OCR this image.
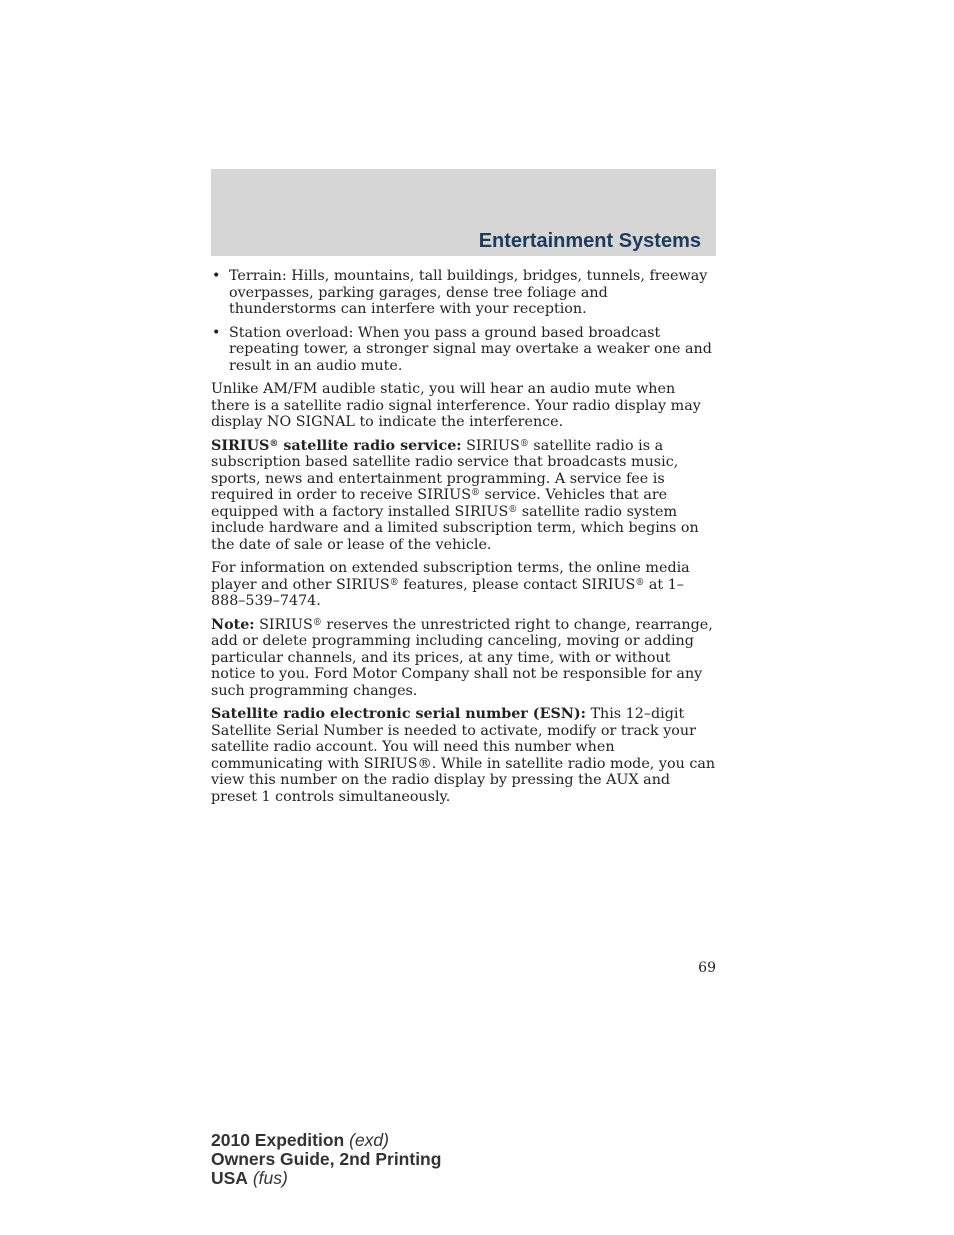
Entertainment Systems
• Terrain: Hills, mountains, tall buildings, bridges, tunnels, freeway overpasses, parking garages, dense tree foliage and thunderstorms can interfere with your reception.
• Station overload: When you pass a ground based broadcast repeating tower, a stronger signal may overtake a weaker one and result in an audio mute.

Unlike AM/FM audible static, you will hear an audio mute when there is a satellite radio signal interference. Your radio display may display NO SIGNAL to indicate the interference.

SIRIUS® satellite radio service: SIRIUS® satellite radio is a subscription based satellite radio service that broadcasts music, sports, news and entertainment programming. A service fee is required in order to receive SIRIUS® service. Vehicles that are equipped with a factory installed SIRIUS® satellite radio system include hardware and a limited subscription term, which begins on the date of sale or lease of the vehicle.

For information on extended subscription terms, the online media player and other SIRIUS® features, please contact SIRIUS® at 1–888–539–7474.

Note: SIRIUS® reserves the unrestricted right to change, rearrange, add or delete programming including canceling, moving or adding particular channels, and its prices, at any time, with or without notice to you. Ford Motor Company shall not be responsible for any such programming changes.

Satellite radio electronic serial number (ESN): This 12–digit Satellite Serial Number is needed to activate, modify or track your satellite radio account. You will need this number when communicating with SIRIUS®. While in satellite radio mode, you can view this number on the radio display by pressing the AUX and preset 1 controls simultaneously.

69
2010 Expedition (exd)
Owners Guide, 2nd Printing
USA (fus)
